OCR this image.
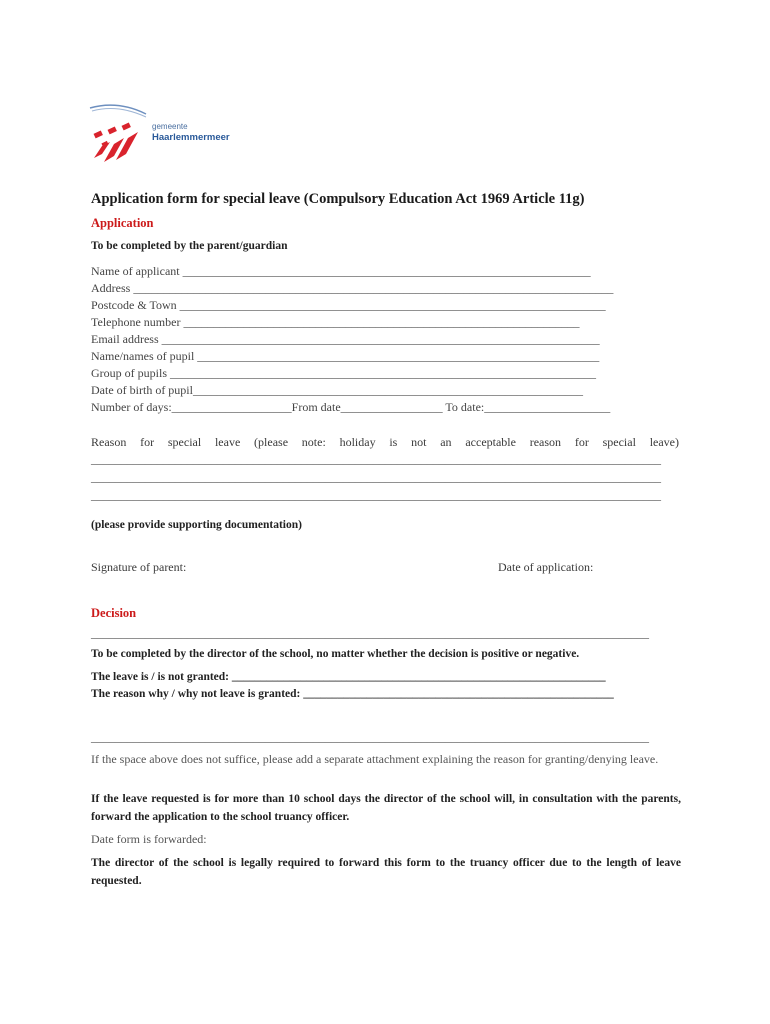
gemeente
Haarlemmermeer
Application form for special leave (Compulsory Education Act 1969 Article 11g)
Application
To be completed by the parent/guardian
Name of applicant ____________________________________________________________________
Address ________________________________________________________________________________
Postcode & Town _______________________________________________________________________
Telephone number __________________________________________________________________
Email address _________________________________________________________________________
Name/names of pupil ___________________________________________________________________
Group of pupils _______________________________________________________________________
Date of birth of pupil_________________________________________________________________
Number of days:____________________From date_________________ To date:_____________________
Reason for special leave (please note: holiday is not an acceptable reason for special leave)
_______________________________________________________________________________________________
_______________________________________________________________________________________________
_______________________________________________________________________________________________
(please provide supporting documentation)
Signature of parent:	Date of application:
Decision
_____________________________________________________________________________________________
To be completed by the director of the school, no matter whether the decision is positive or negative.
The leave is / is not granted: _________________________________________________________________
The reason why / why not leave is granted: ______________________________________________________
_____________________________________________________________________________________________
If the space above does not suffice, please add a separate attachment explaining the reason for granting/denying leave.
If the leave requested is for more than 10 school days the director of the school will, in consultation with the parents, forward the application to the school truancy officer.
Date form is forwarded:
The director of the school is legally required to forward this form to the truancy officer due to the length of leave requested.
